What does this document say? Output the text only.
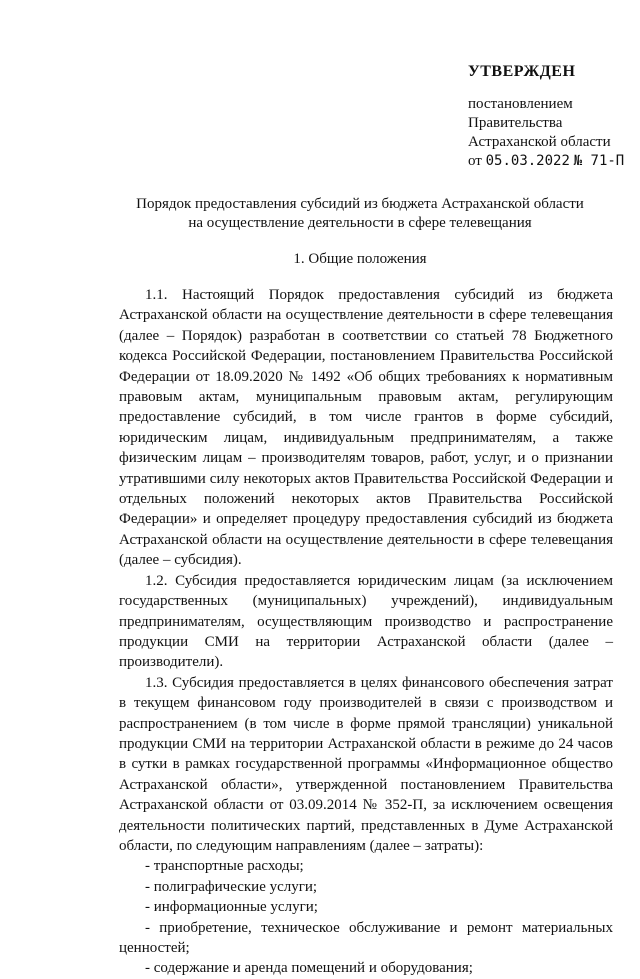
УТВЕРЖДЕН
постановлением
Правительства
Астраханской области
от 05.03.2022 № 71-П
Порядок предоставления субсидий из бюджета Астраханской области
на осуществление деятельности в сфере телевещания
1. Общие положения

1.1. Настоящий Порядок предоставления субсидий из бюджета Астраханской области на осуществление деятельности в сфере телевещания (далее – Порядок) разработан в соответствии со статьей 78 Бюджетного кодекса Российской Федерации, постановлением Правительства Российской Федерации от 18.09.2020 № 1492 «Об общих требованиях к нормативным правовым актам, муниципальным правовым актам, регулирующим предоставление субсидий, в том числе грантов в форме субсидий, юридическим лицам, индивидуальным предпринимателям, а также физическим лицам – производителям товаров, работ, услуг, и о признании утратившими силу некоторых актов Правительства Российской Федерации и отдельных положений некоторых актов Правительства Российской Федерации» и определяет процедуру предоставления субсидий из бюджета Астраханской области на осуществление деятельности в сфере телевещания (далее – субсидия).

1.2. Субсидия предоставляется юридическим лицам (за исключением государственных (муниципальных) учреждений), индивидуальным предпринимателям, осуществляющим производство и распространение продукции СМИ на территории Астраханской области (далее – производители).

1.3. Субсидия предоставляется в целях финансового обеспечения затрат в текущем финансовом году производителей в связи с производством и распространением (в том числе в форме прямой трансляции) уникальной продукции СМИ на территории Астраханской области в режиме до 24 часов в сутки в рамках государственной программы «Информационное общество Астраханской области», утвержденной постановлением Правительства Астраханской области от 03.09.2014 № 352-П, за исключением освещения деятельности политических партий, представленных в Думе Астраханской области, по следующим направлениям (далее – затраты):

- транспортные расходы;
- полиграфические услуги;
- информационные услуги;
- приобретение, техническое обслуживание и ремонт материальных ценностей;
- содержание и аренда помещений и оборудования;
